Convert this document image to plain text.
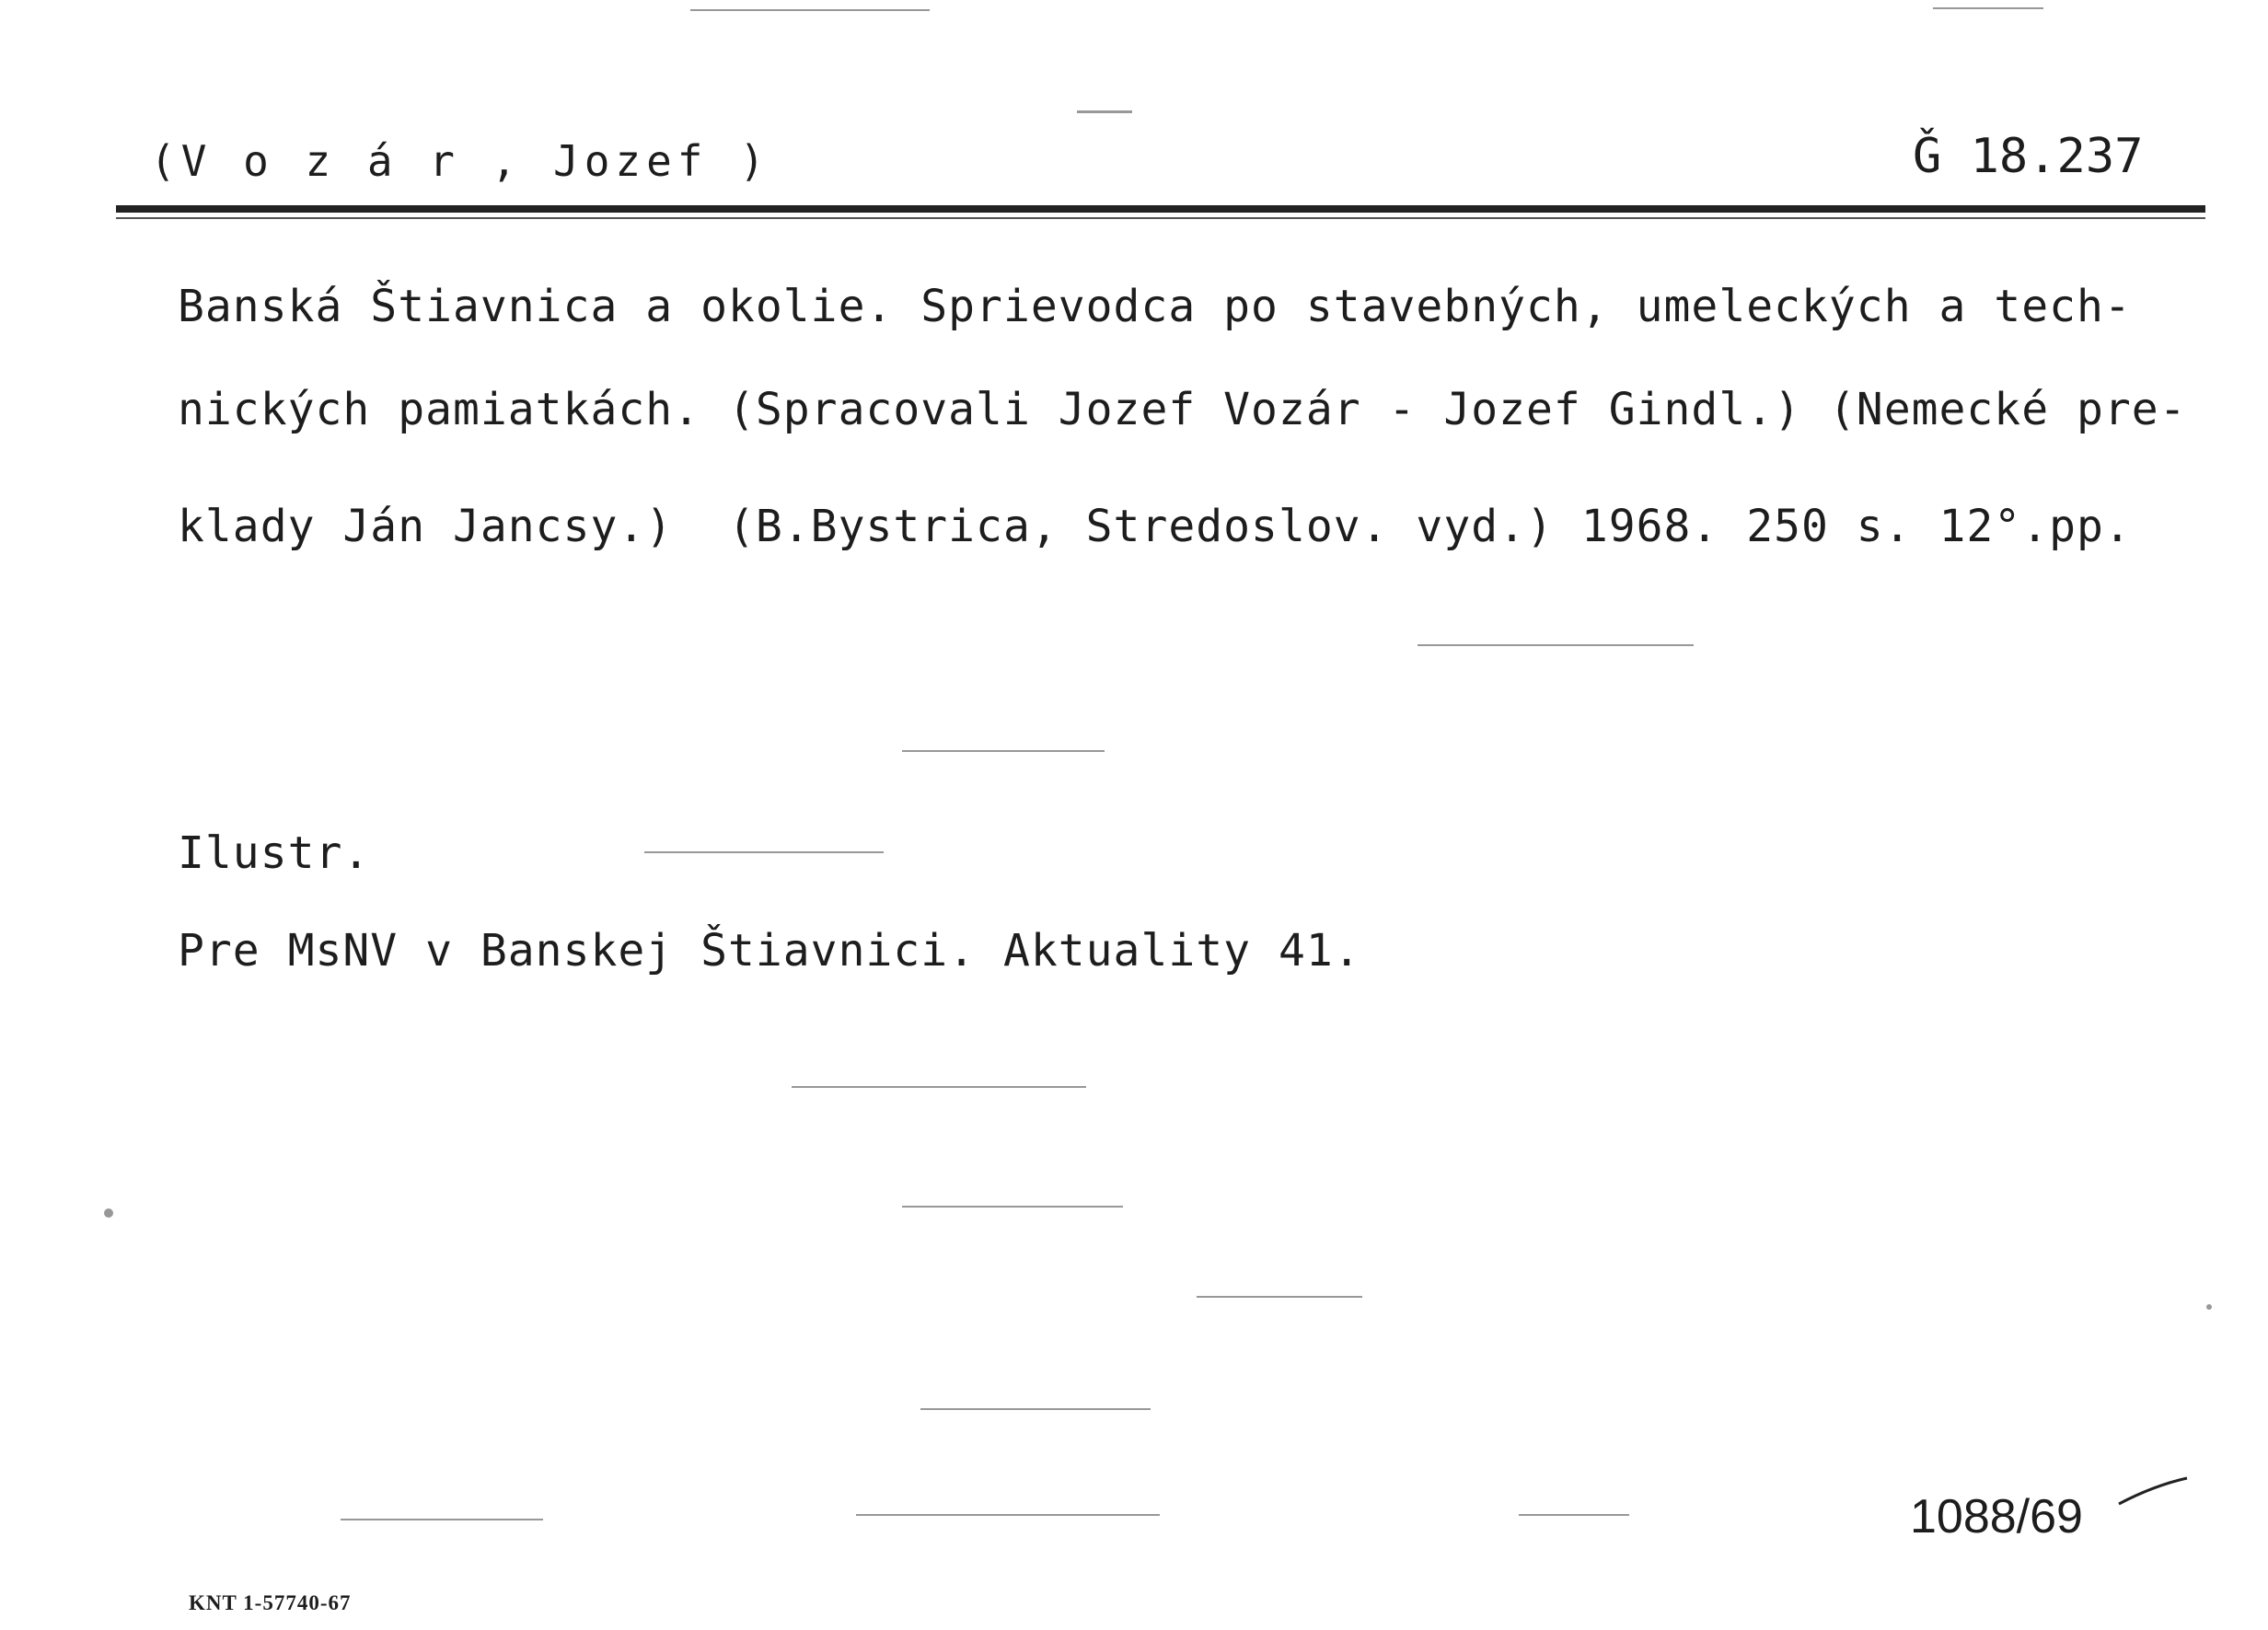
(V o z á r , Jozef )	Ǧ 18.237
Banská Štiavnica a okolie. Sprievodca po stavebných, umeleckých a tech-
nických pamiatkách. (Spracovali Jozef Vozár - Jozef Gindl.) (Nemecké pre-
klady Ján Jancsy.)  (B.Bystrica, Stredoslov. vyd.) 1968. 250 s. 12°.pp.
Ilustr.
Pre MsNV v Banskej Štiavnici. Aktuality 41.
1088/69
KNT 1-57740-67
